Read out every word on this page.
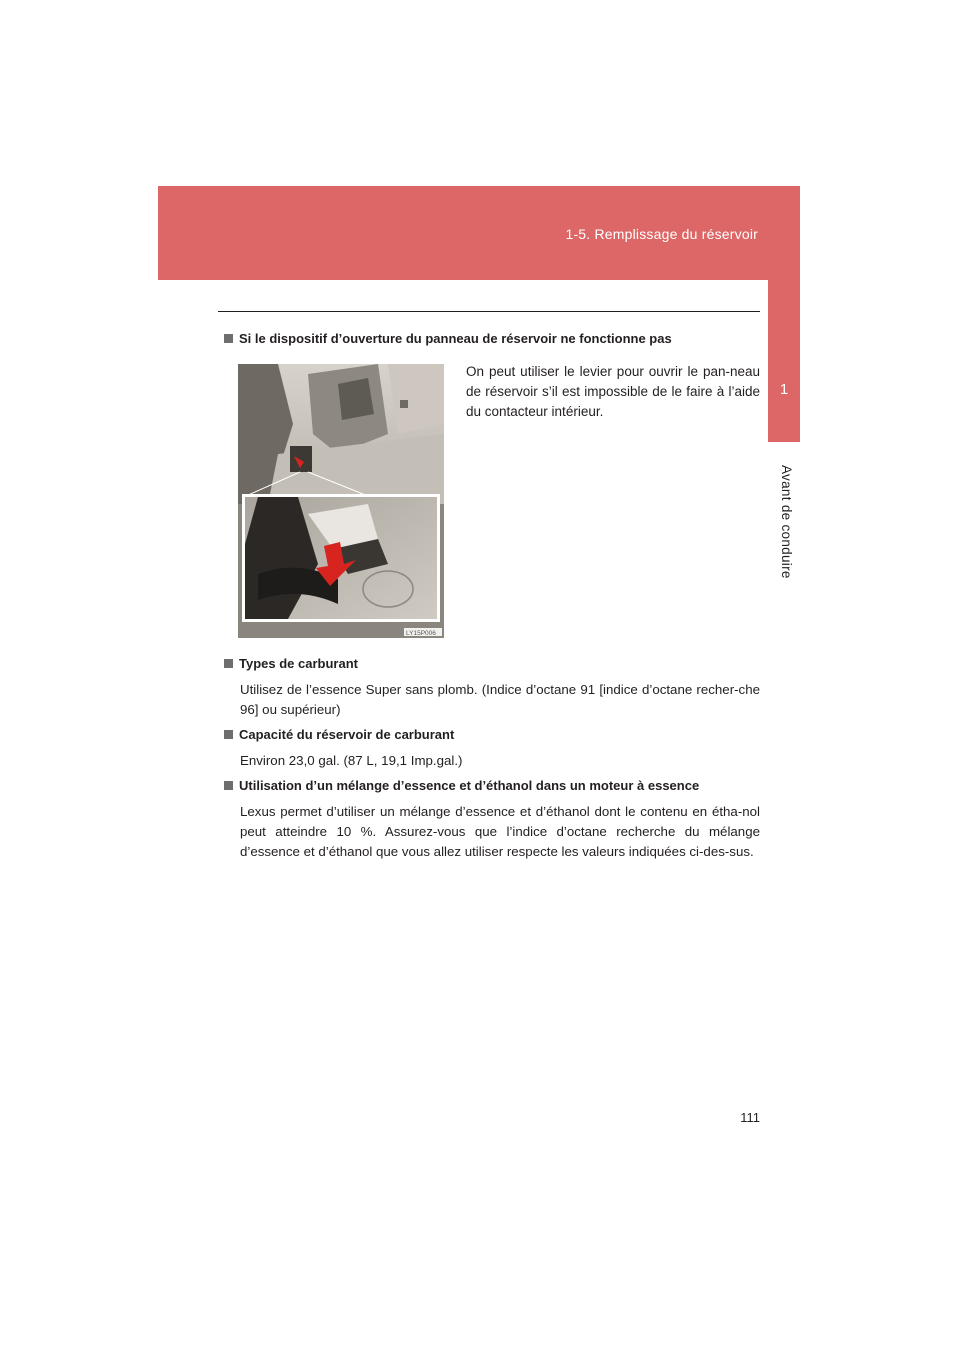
1-5. Remplissage du réservoir
1
Avant de conduire
Si le dispositif d’ouverture du panneau de réservoir ne fonctionne pas
On peut utiliser le levier pour ouvrir le pan-neau de réservoir s’il est impossible de le faire à l’aide du contacteur intérieur.
LY15P006
Types de carburant
Utilisez de l’essence Super sans plomb. (Indice d’octane 91 [indice d’octane recher-che 96] ou supérieur)
Capacité du réservoir de carburant
Environ 23,0 gal. (87 L, 19,1 Imp.gal.)
Utilisation d’un mélange d’essence et d’éthanol dans un moteur à essence
Lexus permet d’utiliser un mélange d’essence et d’éthanol dont le contenu en étha-nol peut atteindre 10 %. Assurez-vous que l’indice d’octane recherche du mélange d’essence et d’éthanol que vous allez utiliser respecte les valeurs indiquées ci-des-sus.
111
